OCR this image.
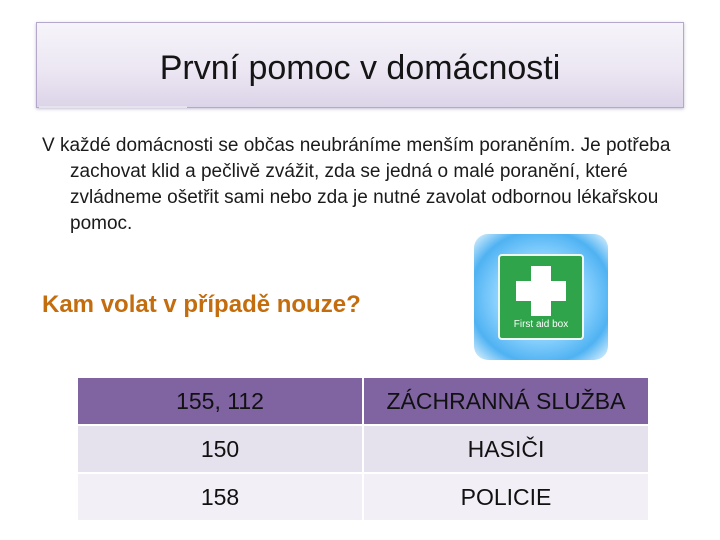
První pomoc v domácnosti
V každé domácnosti se občas neubráníme menším poraněním. Je potřeba zachovat klid a pečlivě zvážit, zda se jedná o malé poranění, které zvládneme ošetřit sami nebo zda je nutné zavolat odbornou lékařskou pomoc.
Kam volat v případě nouze?
First aid box
155, 112	ZÁCHRANNÁ SLUŽBA
150	HASIČI
158	POLICIE
